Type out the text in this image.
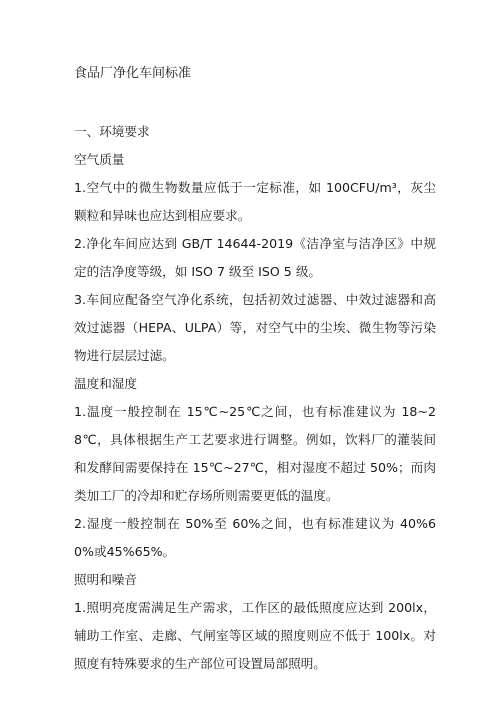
食品厂净化车间标准
一、环境要求
空气质量

1.空气中的微生物数量应低于一定标准，如 100CFU/m³，灰尘颗粒和异味也应达到相应要求。

2.净化车间应达到 GB/T 14644-2019《洁净室与洁净区》中规定的洁净度等级，如 ISO 7 级至 ISO 5 级。

3.车间应配备空气净化系统，包括初效过滤器、中效过滤器和高效过滤器（HEPA、ULPA）等，对空气中的尘埃、微生物等污染物进行层层过滤。

温度和湿度

1.温度一般控制在 15℃~25℃之间，也有标准建议为 18~28℃，具体根据生产工艺要求进行调整。例如，饮料厂的灌装间和发酵间需要保持在 15℃~27℃，相对湿度不超过 50%；而肉类加工厂的冷却和贮存场所则需要更低的温度。

2.湿度一般控制在 50%至 60%之间，也有标准建议为 40%60%或45%65%。

照明和噪音

1.照明亮度需满足生产需求，工作区的最低照度应达到 200lx，辅助工作室、走廊、气闸室等区域的照度则应不低于 100lx。对照度有特殊要求的生产部位可设置局部照明。
